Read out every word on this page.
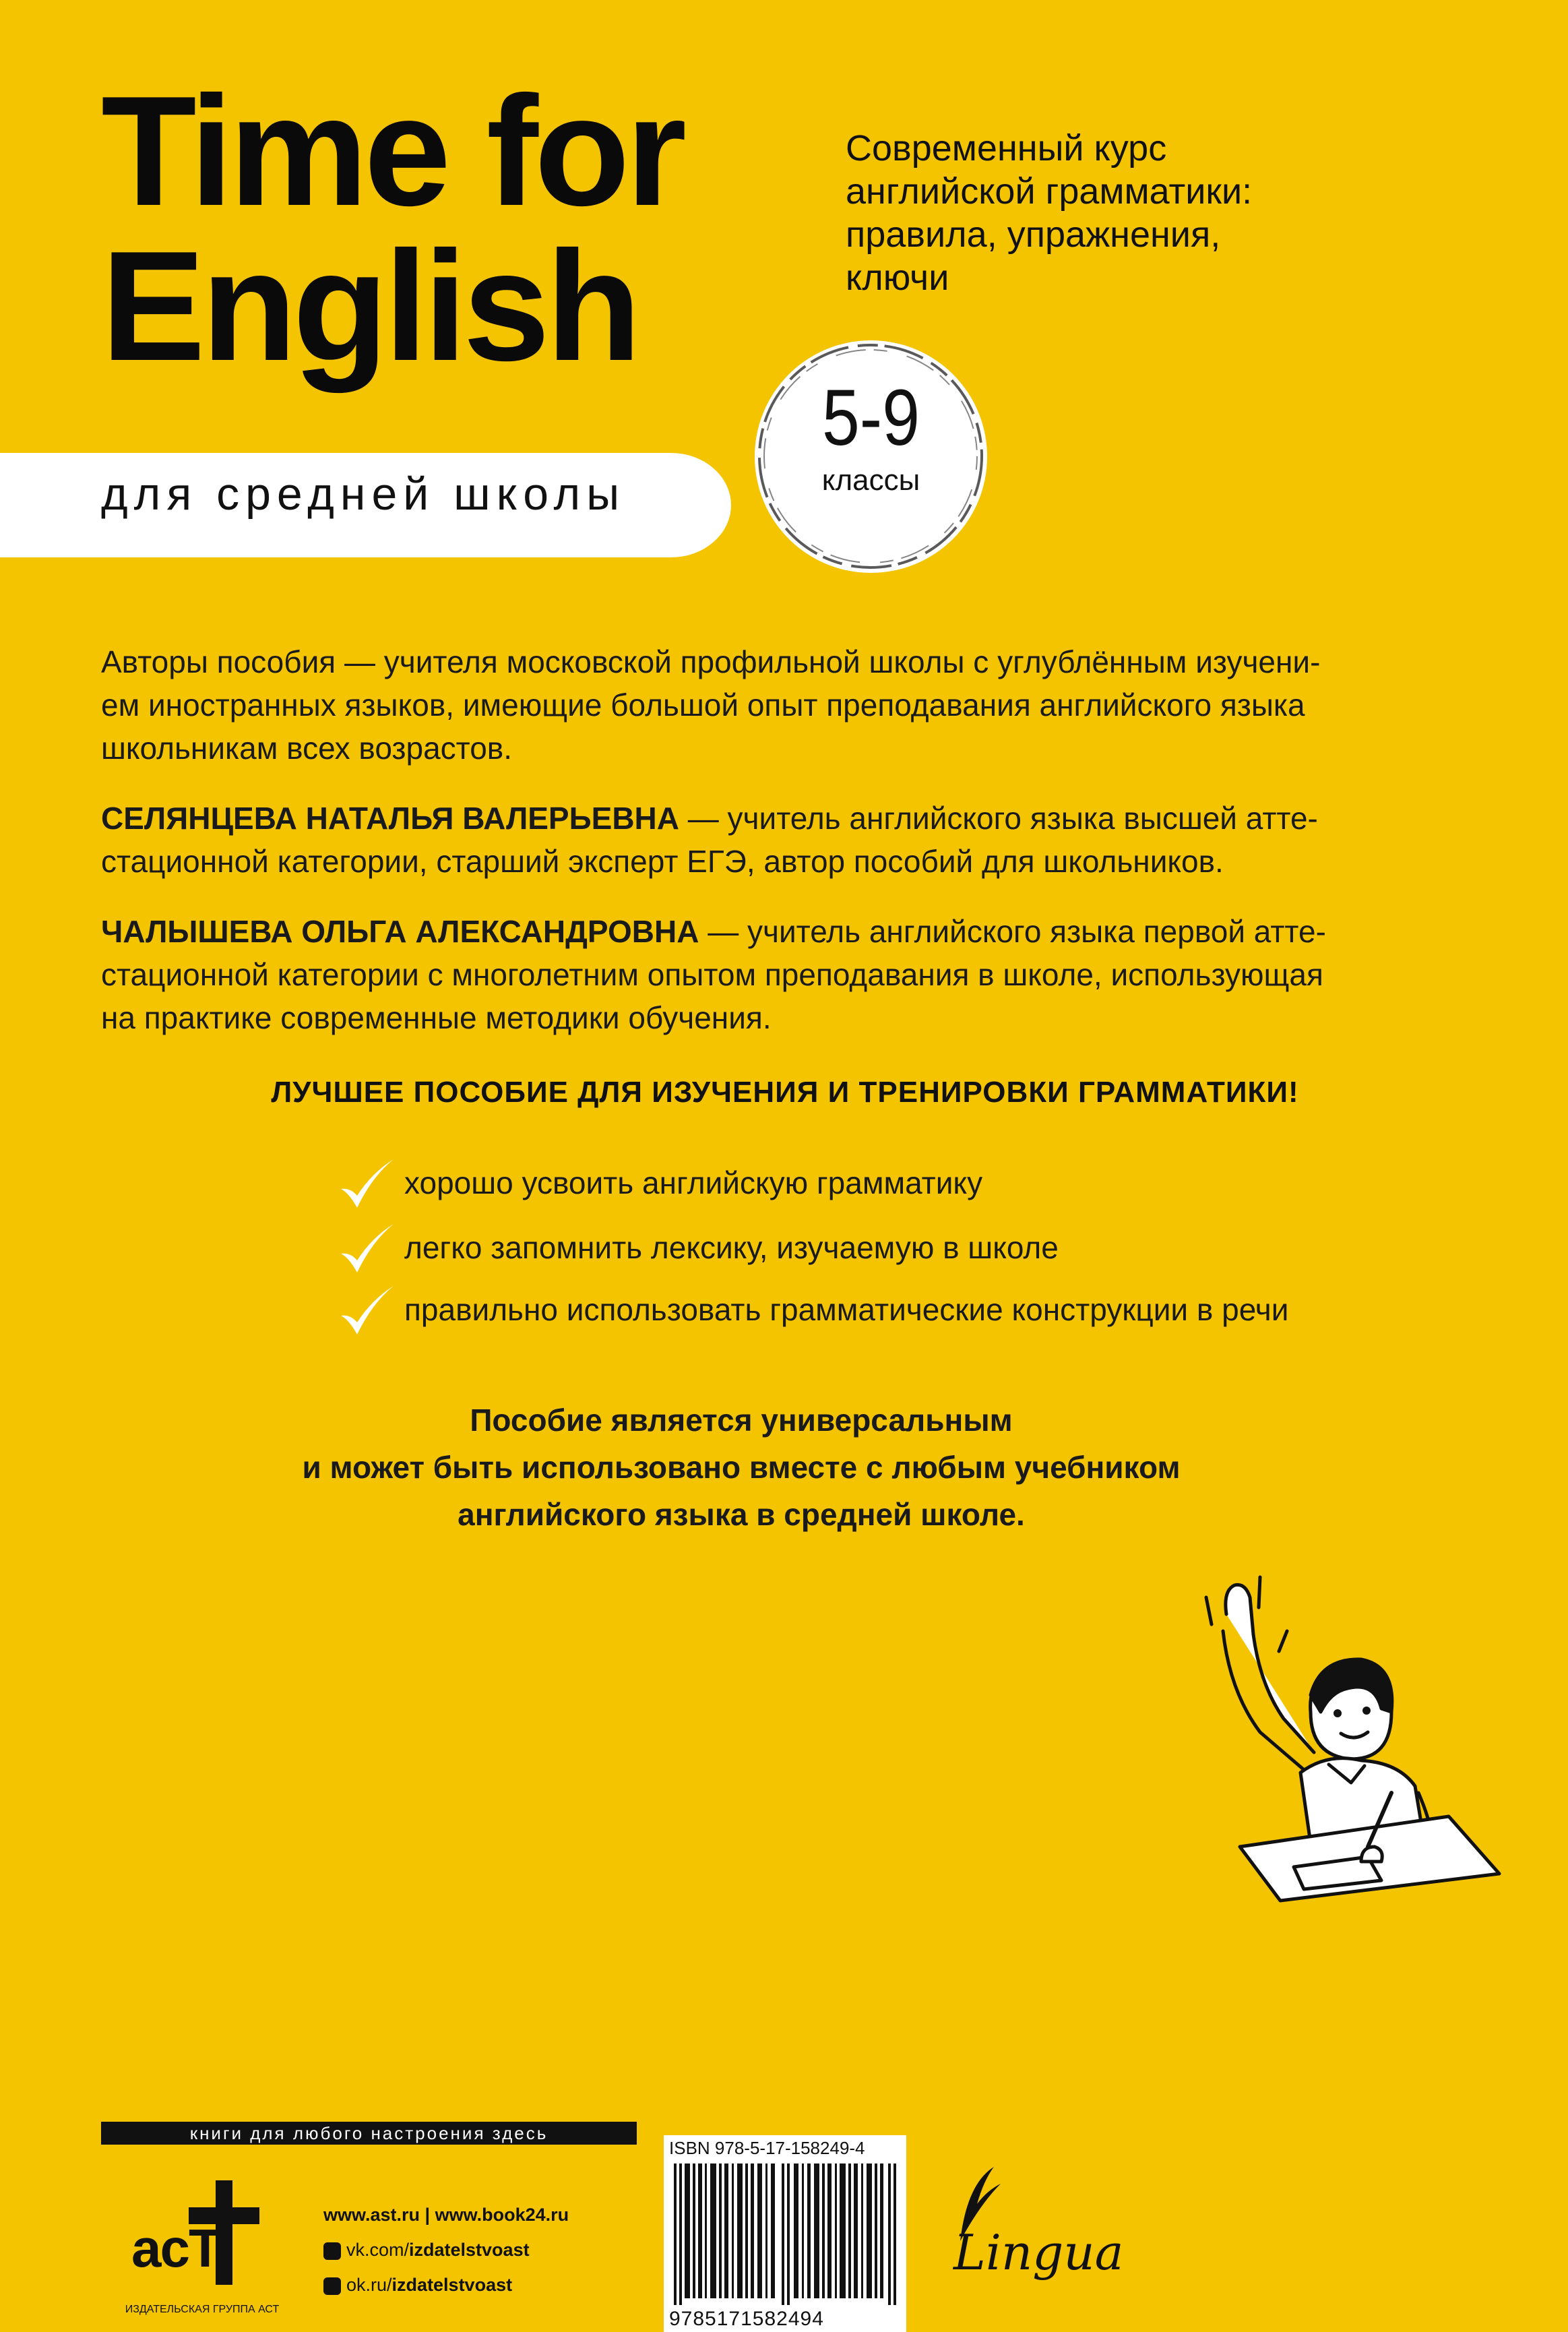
Time for
English
Современный курс
английской грамматики:
правила, упражнения,
ключи
для средней школы
5-9
классы
Авторы пособия — учителя московской профильной школы с углублённым изучени-
ем иностранных языков, имеющие большой опыт преподавания английского языка
школьникам всех возрастов.
СЕЛЯНЦЕВА НАТАЛЬЯ ВАЛЕРЬЕВНА — учитель английского языка высшей атте-
стационной категории, старший эксперт ЕГЭ, автор пособий для школьников.
ЧАЛЫШЕВА ОЛЬГА АЛЕКСАНДРОВНА — учитель английского языка первой атте-
стационной категории с многолетним опытом преподавания в школе, использующая
на практике современные методики обучения.
ЛУЧШЕЕ ПОСОБИЕ ДЛЯ ИЗУЧЕНИЯ И ТРЕНИРОВКИ ГРАММАТИКИ!
хорошо усвоить английскую грамматику
легко запомнить лексику, изучаемую в школе
правильно использовать грамматические конструкции в речи
Пособие является универсальным
и может быть использовано вместе с любым учебником
английского языка в средней школе.
книги для любого настроения здесь
acT
ИЗДАТЕЛЬСКАЯ ГРУППА АСТ
www.ast.ru | www.book24.ru
vk.com/izdatelstvoast
ok.ru/izdatelstvoast
ISBN 978-5-17-158249-4
9785171582494
Lingua
